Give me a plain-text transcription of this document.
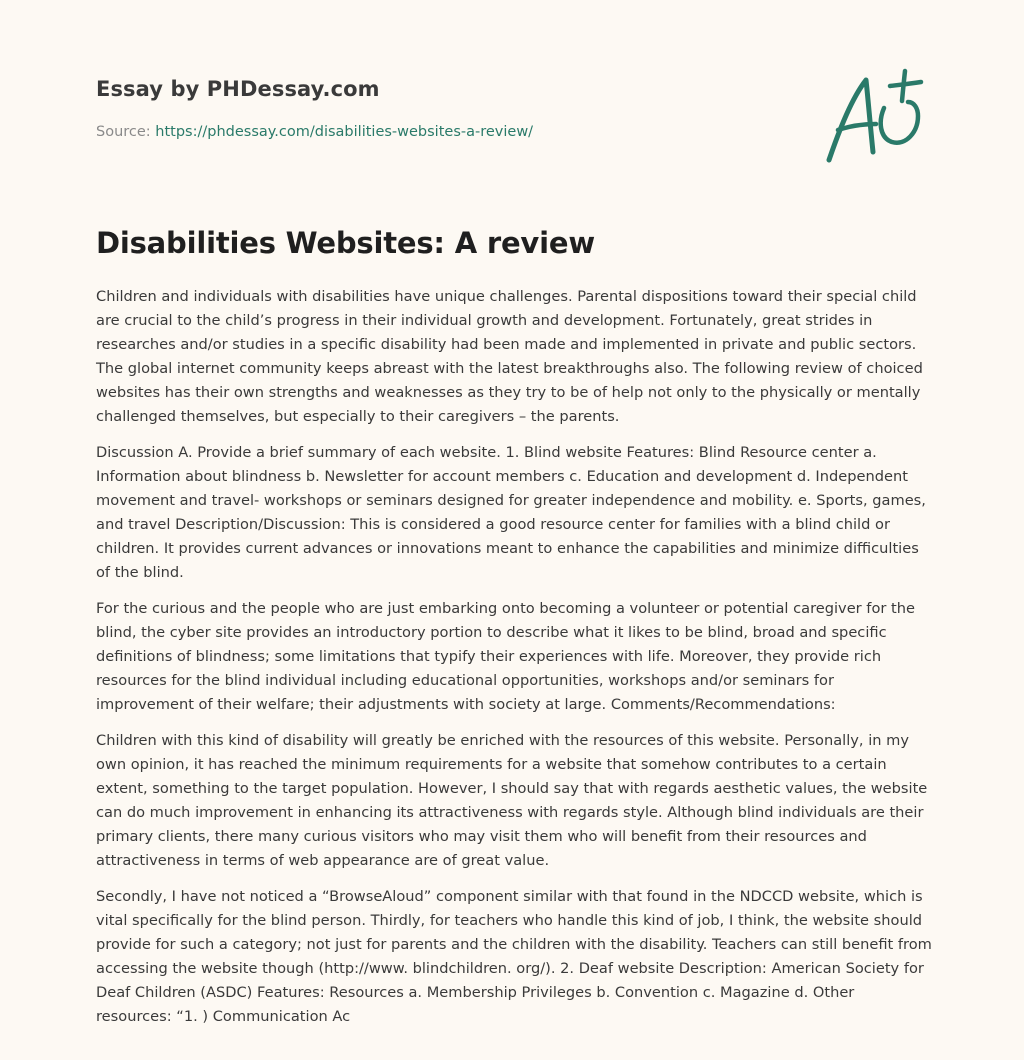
Essay by PHDessay.com

Source: https://phdessay.com/disabilities-websites-a-review/

Disabilities Websites: A review

Children and individuals with disabilities have unique challenges. Parental dispositions toward their special child are crucial to the child’s progress in their individual growth and development. Fortunately, great strides in researches and/or studies in a specific disability had been made and implemented in private and public sectors. The global internet community keeps abreast with the latest breakthroughs also. The following review of choiced websites has their own strengths and weaknesses as they try to be of help not only to the physically or mentally challenged themselves, but especially to their caregivers – the parents.

Discussion A. Provide a brief summary of each website. 1. Blind website Features: Blind Resource center a. Information about blindness b. Newsletter for account members c. Education and development d. Independent movement and travel- workshops or seminars designed for greater independence and mobility. e. Sports, games, and travel Description/Discussion: This is considered a good resource center for families with a blind child or children. It provides current advances or innovations meant to enhance the capabilities and minimize difficulties of the blind.

For the curious and the people who are just embarking onto becoming a volunteer or potential caregiver for the blind, the cyber site provides an introductory portion to describe what it likes to be blind, broad and specific definitions of blindness; some limitations that typify their experiences with life. Moreover, they provide rich resources for the blind individual including educational opportunities, workshops and/or seminars for improvement of their welfare; their adjustments with society at large. Comments/Recommendations:

Children with this kind of disability will greatly be enriched with the resources of this website. Personally, in my own opinion, it has reached the minimum requirements for a website that somehow contributes to a certain extent, something to the target population. However, I should say that with regards aesthetic values, the website can do much improvement in enhancing its attractiveness with regards style. Although blind individuals are their primary clients, there many curious visitors who may visit them who will benefit from their resources and attractiveness in terms of web appearance are of great value.

Secondly, I have not noticed a “BrowseAloud” component similar with that found in the NDCCD website, which is vital specifically for the blind person. Thirdly, for teachers who handle this kind of job, I think, the website should provide for such a category; not just for parents and the children with the disability. Teachers can still benefit from accessing the website though (http://www. blindchildren. org/). 2. Deaf website Description: American Society for Deaf Children (ASDC) Features: Resources a. Membership Privileges b. Convention c. Magazine d. Other resources: “1. ) Communication Ac
